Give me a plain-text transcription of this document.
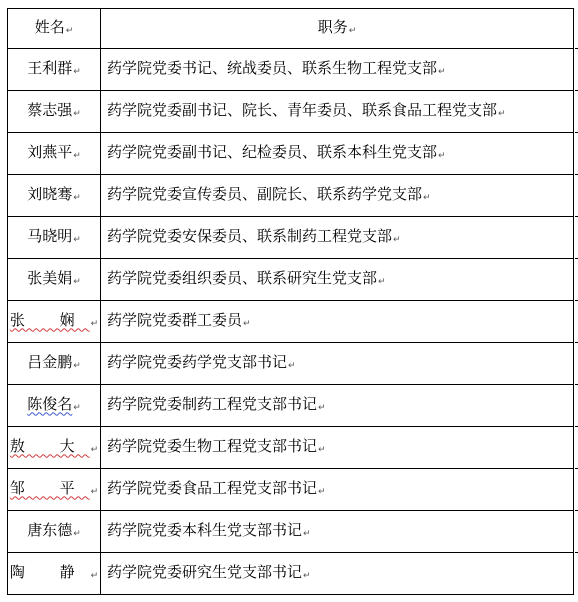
姓名↵	职务↵
王利群↵	药学院党委书记、统战委员、联系生物工程党支部↵
蔡志强↵	药学院党委副书记、院长、青年委员、联系食品工程党支部↵
刘燕平↵	药学院党委副书记、纪检委员、联系本科生党支部↵
刘晓骞↵	药学院党委宣传委员、副院长、联系药学党支部↵
马晓明↵	药学院党委安保委员、联系制药工程党支部↵
张美娟↵	药学院党委组织委员、联系研究生党支部↵
张 娴↵	药学院党委群工委员↵
吕金鹏↵	药学院党委药学党支部书记↵
陈俊名↵	药学院党委制药工程党支部书记↵
敖 大↵	药学院党委生物工程党支部书记↵
邹 平↵	药学院党委食品工程党支部书记↵
唐东德↵	药学院党委本科生党支部书记↵
陶 静↵	药学院党委研究生党支部书记↵
